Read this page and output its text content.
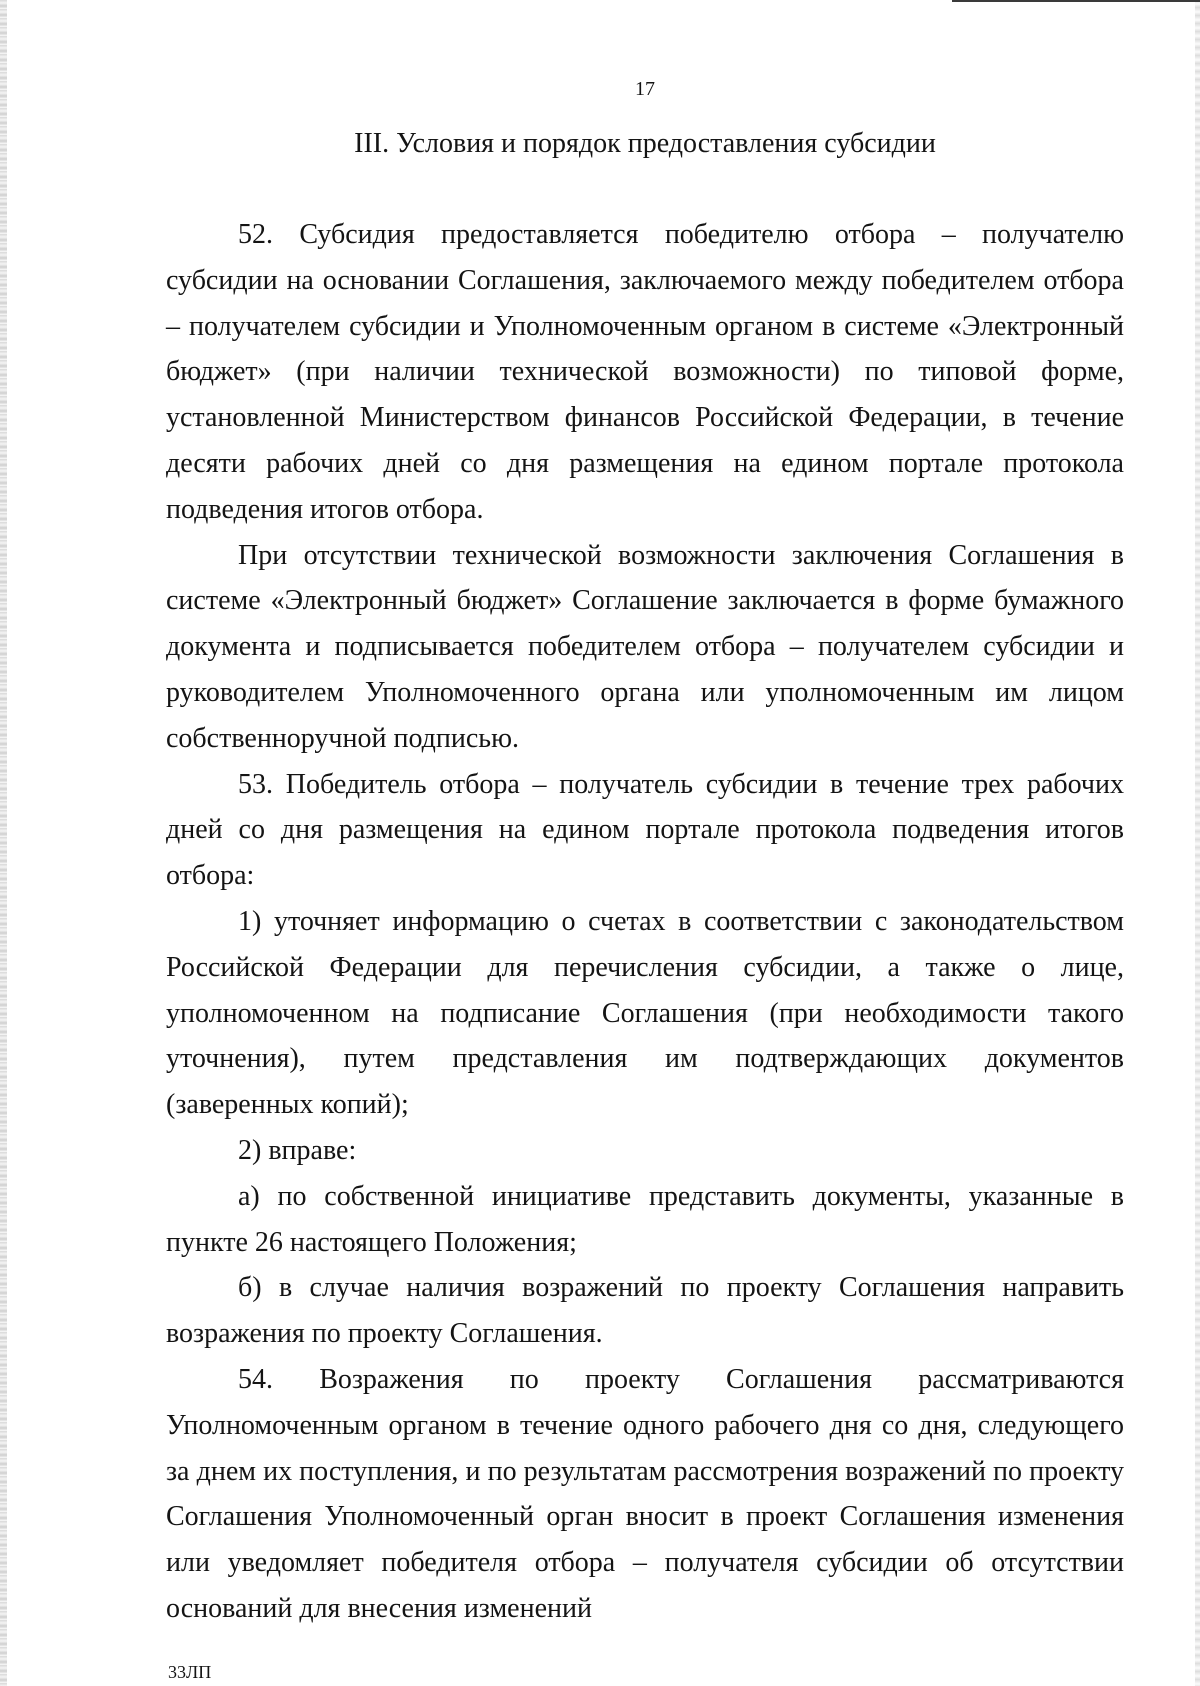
17
III. Условия и порядок предоставления субсидии

52. Субсидия предоставляется победителю отбора – получателю субсидии на основании Соглашения, заключаемого между победителем отбора – получателем субсидии и Уполномоченным органом в системе «Электронный бюджет» (при наличии технической возможности) по типовой форме, установленной Министерством финансов Российской Федерации, в течение десяти рабочих дней со дня размещения на едином портале протокола подведения итогов отбора.

При отсутствии технической возможности заключения Соглашения в системе «Электронный бюджет» Соглашение заключается в форме бумажного документа и подписывается победителем отбора – получателем субсидии и руководителем Уполномоченного органа или уполномоченным им лицом собственноручной подписью.

53. Победитель отбора – получатель субсидии в течение трех рабочих дней со дня размещения на едином портале протокола подведения итогов отбора:

1) уточняет информацию о счетах в соответствии с законодательством Российской Федерации для перечисления субсидии, а также о лице, уполномоченном на подписание Соглашения (при необходимости такого уточнения), путем представления им подтверждающих документов (заверенных копий);

2) вправе:

а) по собственной инициативе представить документы, указанные в пункте 26 настоящего Положения;

б) в случае наличия возражений по проекту Соглашения направить возражения по проекту Соглашения.

54. Возражения по проекту Соглашения рассматриваются Уполномоченным органом в течение одного рабочего дня со дня, следующего за днем их поступления, и по результатам рассмотрения возражений по проекту Соглашения Уполномоченный орган вносит в проект Соглашения изменения или уведомляет победителя отбора – получателя субсидии об отсутствии оснований для внесения изменений

33ЛП
